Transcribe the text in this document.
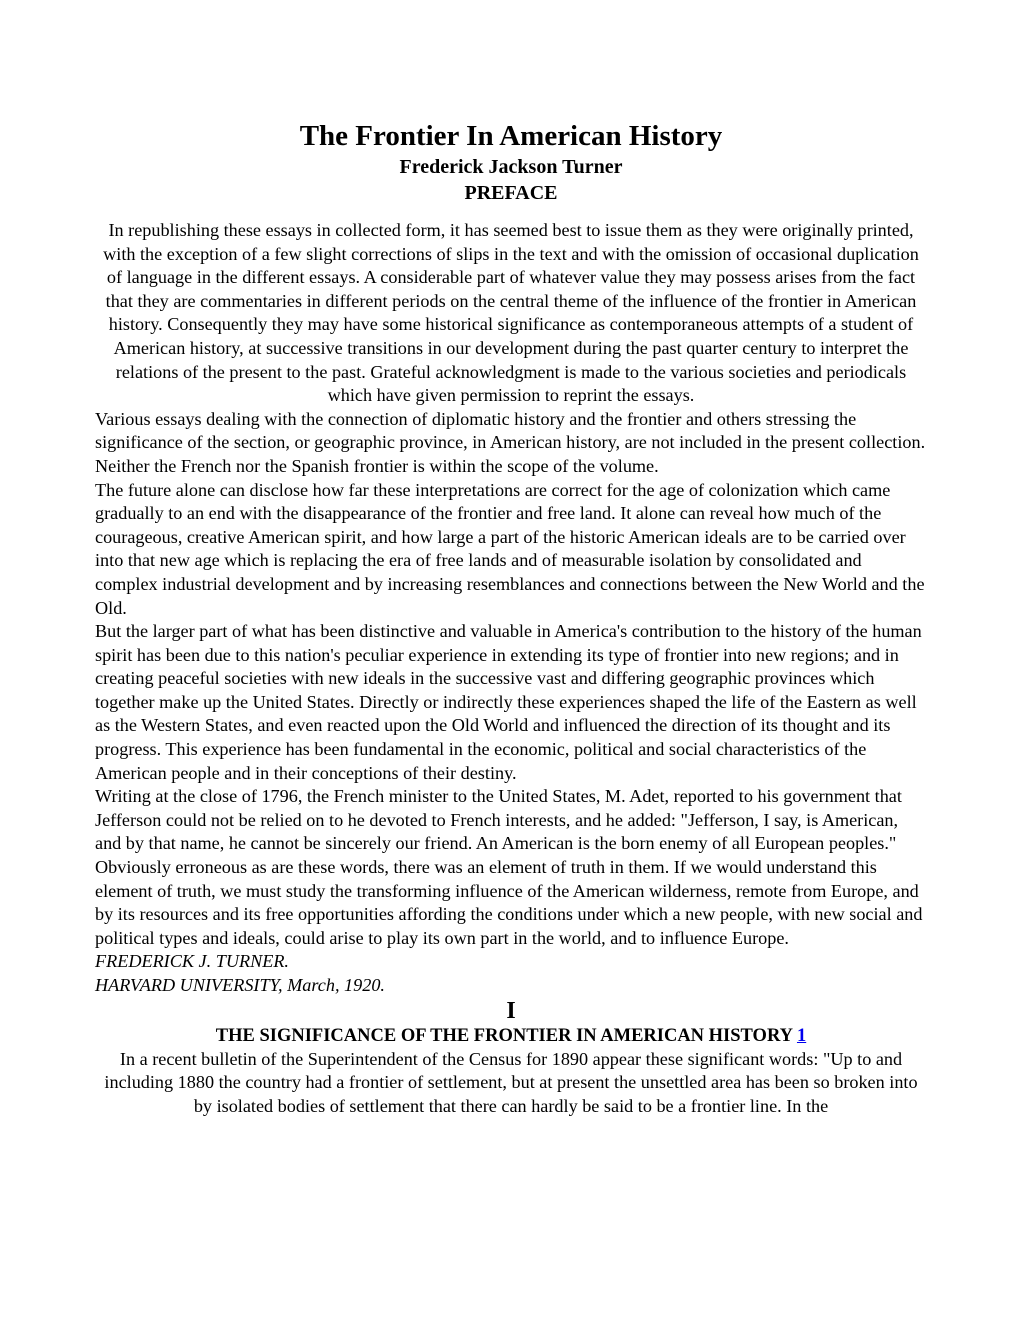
The Frontier In American History
Frederick Jackson Turner
PREFACE

In republishing these essays in collected form, it has seemed best to issue them as they were originally printed, with the exception of a few slight corrections of slips in the text and with the omission of occasional duplication of language in the different essays. A considerable part of whatever value they may possess arises from the fact that they are commentaries in different periods on the central theme of the influence of the frontier in American history. Consequently they may have some historical significance as contemporaneous attempts of a student of American history, at successive transitions in our development during the past quarter century to interpret the relations of the present to the past. Grateful acknowledgment is made to the various societies and periodicals which have given permission to reprint the essays.

Various essays dealing with the connection of diplomatic history and the frontier and others stressing the significance of the section, or geographic province, in American history, are not included in the present collection. Neither the French nor the Spanish frontier is within the scope of the volume.

The future alone can disclose how far these interpretations are correct for the age of colonization which came gradually to an end with the disappearance of the frontier and free land. It alone can reveal how much of the courageous, creative American spirit, and how large a part of the historic American ideals are to be carried over into that new age which is replacing the era of free lands and of measurable isolation by consolidated and complex industrial development and by increasing resemblances and connections between the New World and the Old.

But the larger part of what has been distinctive and valuable in America's contribution to the history of the human spirit has been due to this nation's peculiar experience in extending its type of frontier into new regions; and in creating peaceful societies with new ideals in the successive vast and differing geographic provinces which together make up the United States. Directly or indirectly these experiences shaped the life of the Eastern as well as the Western States, and even reacted upon the Old World and influenced the direction of its thought and its progress. This experience has been fundamental in the economic, political and social characteristics of the American people and in their conceptions of their destiny.

Writing at the close of 1796, the French minister to the United States, M. Adet, reported to his government that Jefferson could not be relied on to he devoted to French interests, and he added: "Jefferson, I say, is American, and by that name, he cannot be sincerely our friend. An American is the born enemy of all European peoples." Obviously erroneous as are these words, there was an element of truth in them. If we would understand this element of truth, we must study the transforming influence of the American wilderness, remote from Europe, and by its resources and its free opportunities affording the conditions under which a new people, with new social and political types and ideals, could arise to play its own part in the world, and to influence Europe.

FREDERICK J. TURNER.

HARVARD UNIVERSITY, March, 1920.

I
THE SIGNIFICANCE OF THE FRONTIER IN AMERICAN HISTORY 1

In a recent bulletin of the Superintendent of the Census for 1890 appear these significant words: "Up to and including 1880 the country had a frontier of settlement, but at present the unsettled area has been so broken into by isolated bodies of settlement that there can hardly be said to be a frontier line. In the
